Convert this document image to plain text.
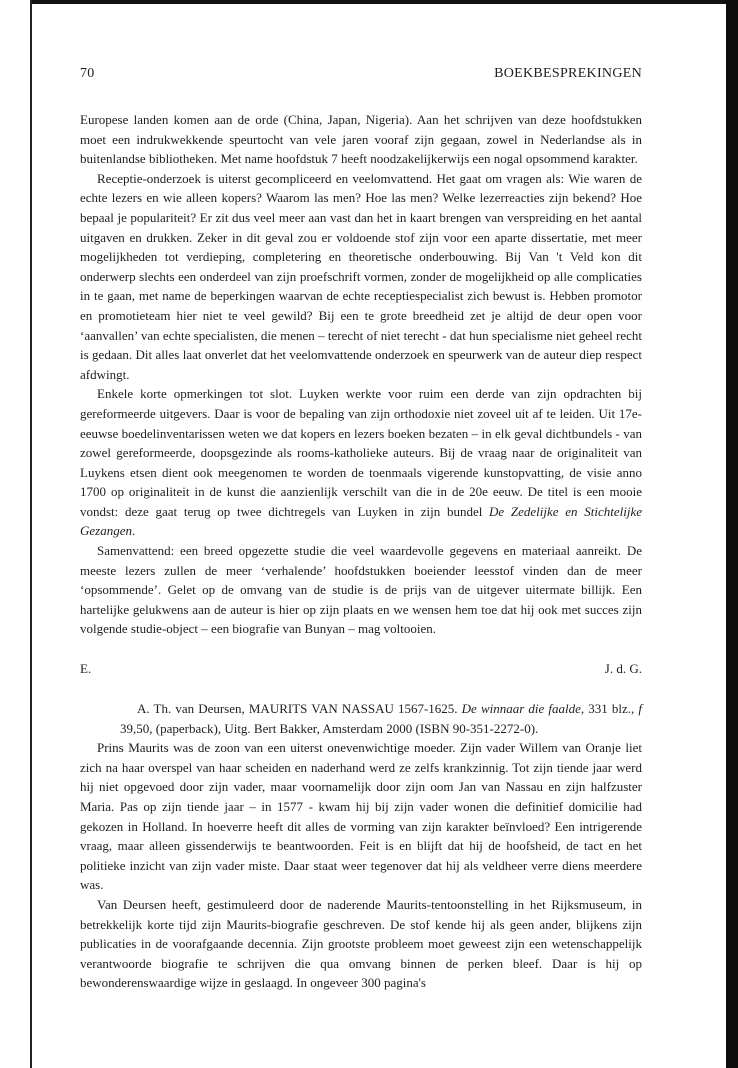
70	BOEKBESPREKINGEN

Europese landen komen aan de orde (China, Japan, Nigeria). Aan het schrijven van deze hoofdstukken moet een indrukwekkende speurtocht van vele jaren vooraf zijn gegaan, zowel in Nederlandse als in buitenlandse bibliotheken. Met name hoofdstuk 7 heeft noodzakelijkerwijs een nogal opsommend karakter.

Receptie-onderzoek is uiterst gecompliceerd en veelomvattend. Het gaat om vragen als: Wie waren de echte lezers en wie alleen kopers? Waarom las men? Hoe las men? Welke lezerreacties zijn bekend? Hoe bepaal je populariteit? Er zit dus veel meer aan vast dan het in kaart brengen van verspreiding en het aantal uitgaven en drukken. Zeker in dit geval zou er voldoende stof zijn voor een aparte dissertatie, met meer mogelijkheden tot verdieping, completering en theoretische onderbouwing. Bij Van 't Veld kon dit onderwerp slechts een onderdeel van zijn proefschrift vormen, zonder de mogelijkheid op alle complicaties in te gaan, met name de beperkingen waarvan de echte receptiespecialist zich bewust is. Hebben promotor en promotieteam hier niet te veel gewild? Bij een te grote breedheid zet je altijd de deur open voor ‘aanvallen’ van echte specialisten, die menen – terecht of niet terecht - dat hun specialisme niet geheel recht is gedaan. Dit alles laat onverlet dat het veelomvattende onderzoek en speurwerk van de auteur diep respect afdwingt.

Enkele korte opmerkingen tot slot. Luyken werkte voor ruim een derde van zijn opdrachten bij gereformeerde uitgevers. Daar is voor de bepaling van zijn orthodoxie niet zoveel uit af te leiden. Uit 17e-eeuwse boedelinventarissen weten we dat kopers en lezers boeken bezaten – in elk geval dichtbundels - van zowel gereformeerde, doopsgezinde als rooms-katholieke auteurs. Bij de vraag naar de originaliteit van Luykens etsen dient ook meegenomen te worden de toenmaals vigerende kunstopvatting, de visie anno 1700 op originaliteit in de kunst die aanzienlijk verschilt van die in de 20e eeuw. De titel is een mooie vondst: deze gaat terug op twee dichtregels van Luyken in zijn bundel De Zedelijke en Stichtelijke Gezangen.

Samenvattend: een breed opgezette studie die veel waardevolle gegevens en materiaal aanreikt. De meeste lezers zullen de meer ‘verhalende’ hoofdstukken boeiender leesstof vinden dan de meer ‘opsommende’. Gelet op de omvang van de studie is de prijs van de uitgever uitermate billijk. Een hartelijke gelukwens aan de auteur is hier op zijn plaats en we wensen hem toe dat hij ook met succes zijn volgende studie-object – een biografie van Bunyan – mag voltooien.

E.	J. d. G.

A. Th. van Deursen, MAURITS VAN NASSAU 1567-1625. De winnaar die faalde, 331 blz., f 39,50, (paperback), Uitg. Bert Bakker, Amsterdam 2000 (ISBN 90-351-2272-0).

Prins Maurits was de zoon van een uiterst onevenwichtige moeder. Zijn vader Willem van Oranje liet zich na haar overspel van haar scheiden en naderhand werd ze zelfs krankzinnig. Tot zijn tiende jaar werd hij niet opgevoed door zijn vader, maar voornamelijk door zijn oom Jan van Nassau en zijn halfzuster Maria. Pas op zijn tiende jaar – in 1577 - kwam hij bij zijn vader wonen die definitief domicilie had gekozen in Holland. In hoeverre heeft dit alles de vorming van zijn karakter beïnvloed? Een intrigerende vraag, maar alleen gissenderwijs te beantwoorden. Feit is en blijft dat hij de hoofsheid, de tact en het politieke inzicht van zijn vader miste. Daar staat weer tegenover dat hij als veldheer verre diens meerdere was.

Van Deursen heeft, gestimuleerd door de naderende Maurits-tentoonstelling in het Rijksmuseum, in betrekkelijk korte tijd zijn Maurits-biografie geschreven. De stof kende hij als geen ander, blijkens zijn publicaties in de voorafgaande decennia. Zijn grootste probleem moet geweest zijn een wetenschappelijk verantwoorde biografie te schrijven die qua omvang binnen de perken bleef. Daar is hij op bewonderenswaardige wijze in geslaagd. In ongeveer 300 pagina's
